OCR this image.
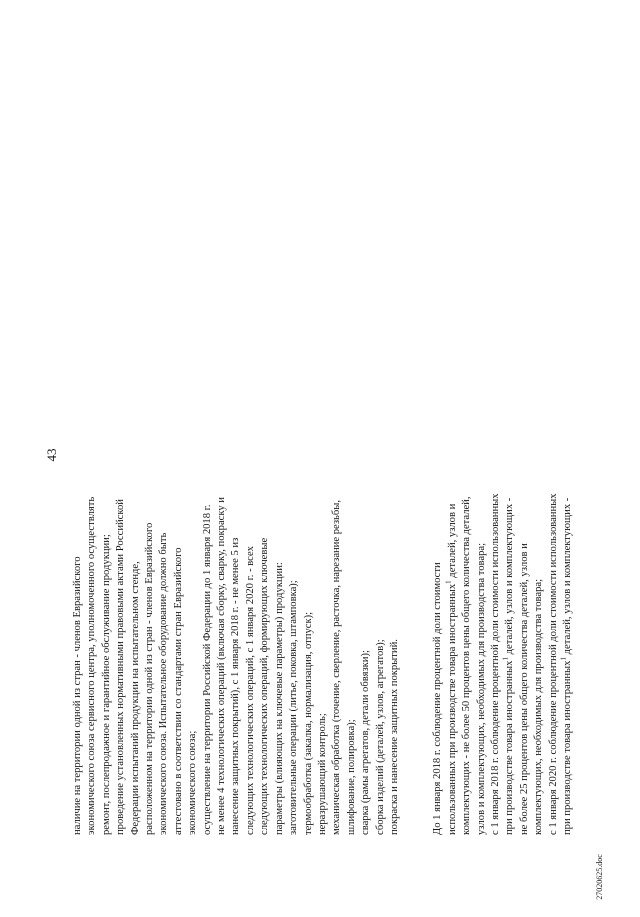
43

наличие на территории одной из стран - членов Евразийского экономического союза сервисного центра, уполномоченного осуществлять ремонт, послепродажное и гарантийное обслуживание продукции; проведение установленных нормативными правовыми актами Российской Федерации испытаний продукции на испытательном стенде, расположенном на территории одной из стран - членов Евразийского экономического союза. Испытательное оборудование должно быть аттестовано в соответствии со стандартами стран Евразийского экономического союза; осуществление на территории Российской Федерации до 1 января 2018 г. не менее 4 технологических операций (включая сборку, сварку, покраску и нанесение защитных покрытий), с 1 января 2018 г. - не менее 5 из следующих технологических операций, с 1 января 2020 г. - всех следующих технологических операций, формирующих ключевые параметры (влияющих на ключевые параметры) продукции: заготовительные операции (литье, поковка, штамповка); термообработка (закалка, нормализация, отпуск); неразрушающий контроль; механическая обработка (точение, сверление, расточка, нарезание резьбы, шлифование, полировка); сварка (рамы агрегатов, детали обвязки); сборка изделий (деталей, узлов, агрегатов); покраска и нанесение защитных покрытий.	До 1 января 2018 г. соблюдение процентной доли стоимости использованных при производстве товара иностранных$^1$ деталей, узлов и комплектующих - не более 50 процентов цены общего количества деталей, узлов и комплектующих, необходимых для производства товара; с 1 января 2018 г. соблюдение процентной доли стоимости использованных при производстве товара иностранных$^1$ деталей, узлов и комплектующих - не более 25 процентов цены общего количества деталей, узлов и комплектующих, необходимых для производства товара; с 1 января 2020 г. соблюдение процентной доли стоимости использованных при производстве товара иностранных$^1$ деталей, узлов и комплектующих -

27020625.doc
